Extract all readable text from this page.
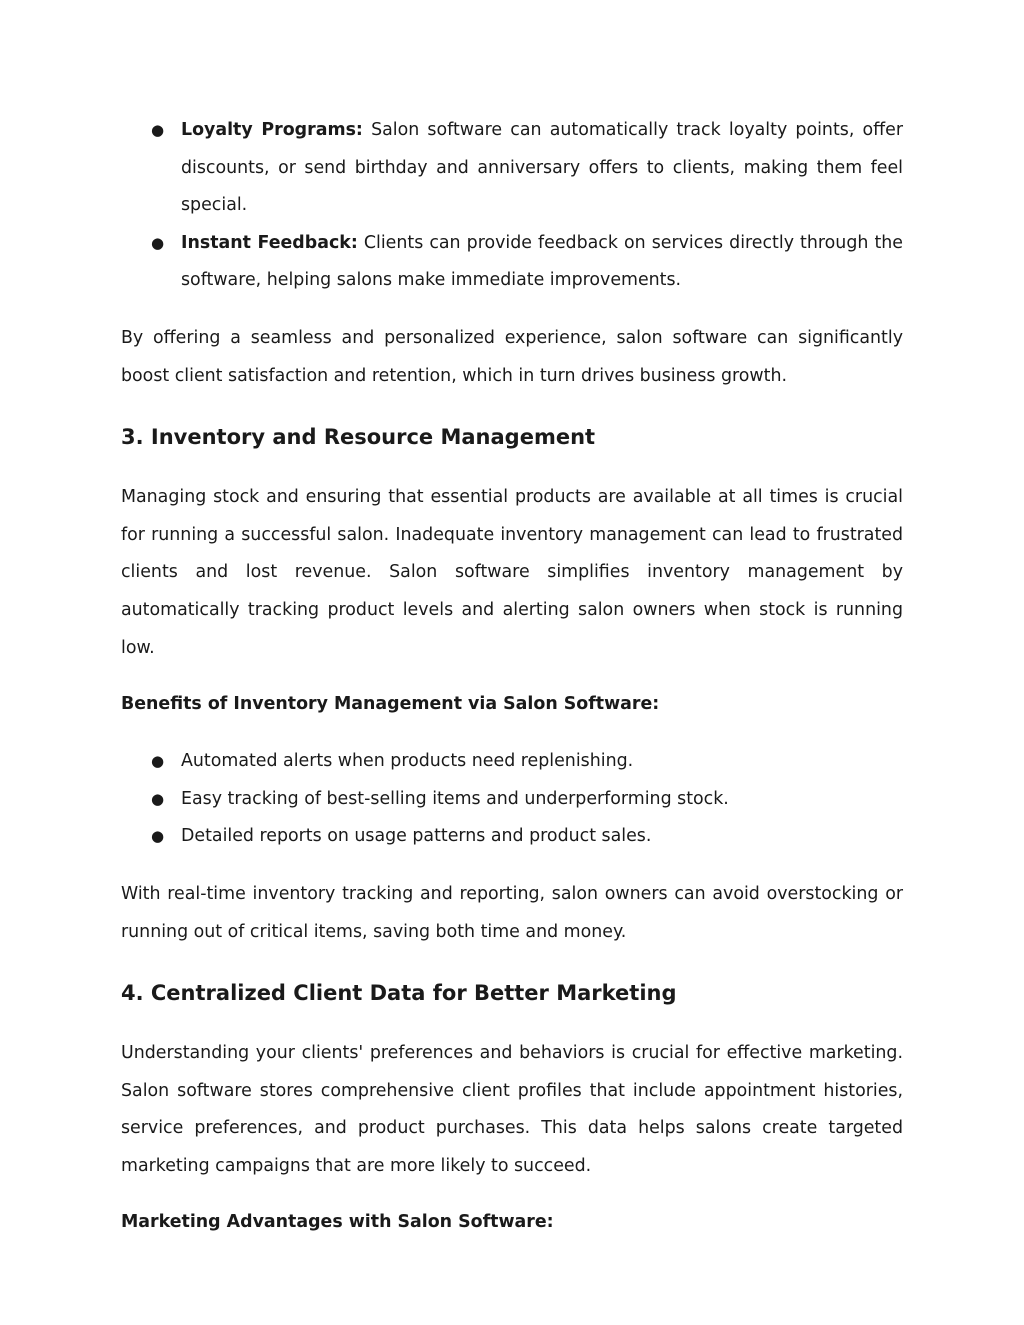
● Loyalty Programs: Salon software can automatically track loyalty points, offer discounts, or send birthday and anniversary offers to clients, making them feel special.
● Instant Feedback: Clients can provide feedback on services directly through the software, helping salons make immediate improvements.

By offering a seamless and personalized experience, salon software can significantly boost client satisfaction and retention, which in turn drives business growth.

3. Inventory and Resource Management

Managing stock and ensuring that essential products are available at all times is crucial for running a successful salon. Inadequate inventory management can lead to frustrated clients and lost revenue. Salon software simplifies inventory management by automatically tracking product levels and alerting salon owners when stock is running low.

Benefits of Inventory Management via Salon Software:

● Automated alerts when products need replenishing.
● Easy tracking of best-selling items and underperforming stock.
● Detailed reports on usage patterns and product sales.

With real-time inventory tracking and reporting, salon owners can avoid overstocking or running out of critical items, saving both time and money.

4. Centralized Client Data for Better Marketing

Understanding your clients' preferences and behaviors is crucial for effective marketing. Salon software stores comprehensive client profiles that include appointment histories, service preferences, and product purchases. This data helps salons create targeted marketing campaigns that are more likely to succeed.

Marketing Advantages with Salon Software:
